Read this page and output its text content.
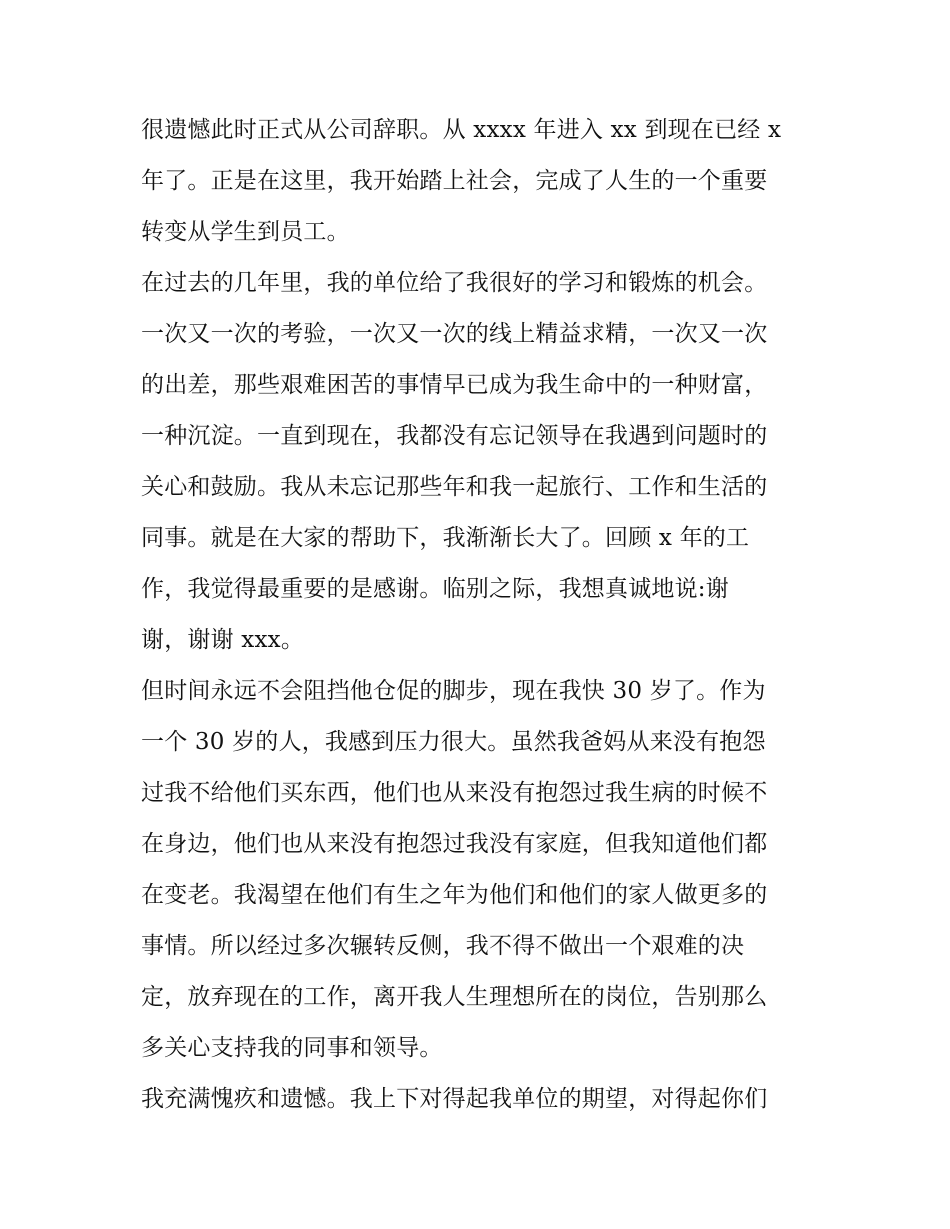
很遗憾此时正式从公司辞职。从 xxxx 年进入 xx 到现在已经 x
年了。正是在这里，我开始踏上社会，完成了人生的一个重要
转变从学生到员工。
在过去的几年里，我的单位给了我很好的学习和锻炼的机会。
一次又一次的考验，一次又一次的线上精益求精，一次又一次
的出差，那些艰难困苦的事情早已成为我生命中的一种财富，
一种沉淀。一直到现在，我都没有忘记领导在我遇到问题时的
关心和鼓励。我从未忘记那些年和我一起旅行、工作和生活的
同事。就是在大家的帮助下，我渐渐长大了。回顾 x 年的工
作，我觉得最重要的是感谢。临别之际，我想真诚地说:谢
谢，谢谢 xxx。
但时间永远不会阻挡他仓促的脚步，现在我快 30 岁了。作为
一个 30 岁的人，我感到压力很大。虽然我爸妈从来没有抱怨
过我不给他们买东西，他们也从来没有抱怨过我生病的时候不
在身边，他们也从来没有抱怨过我没有家庭，但我知道他们都
在变老。我渴望在他们有生之年为他们和他们的家人做更多的
事情。所以经过多次辗转反侧，我不得不做出一个艰难的决
定，放弃现在的工作，离开我人生理想所在的岗位，告别那么
多关心支持我的同事和领导。
我充满愧疚和遗憾。我上下对得起我单位的期望，对得起你们
